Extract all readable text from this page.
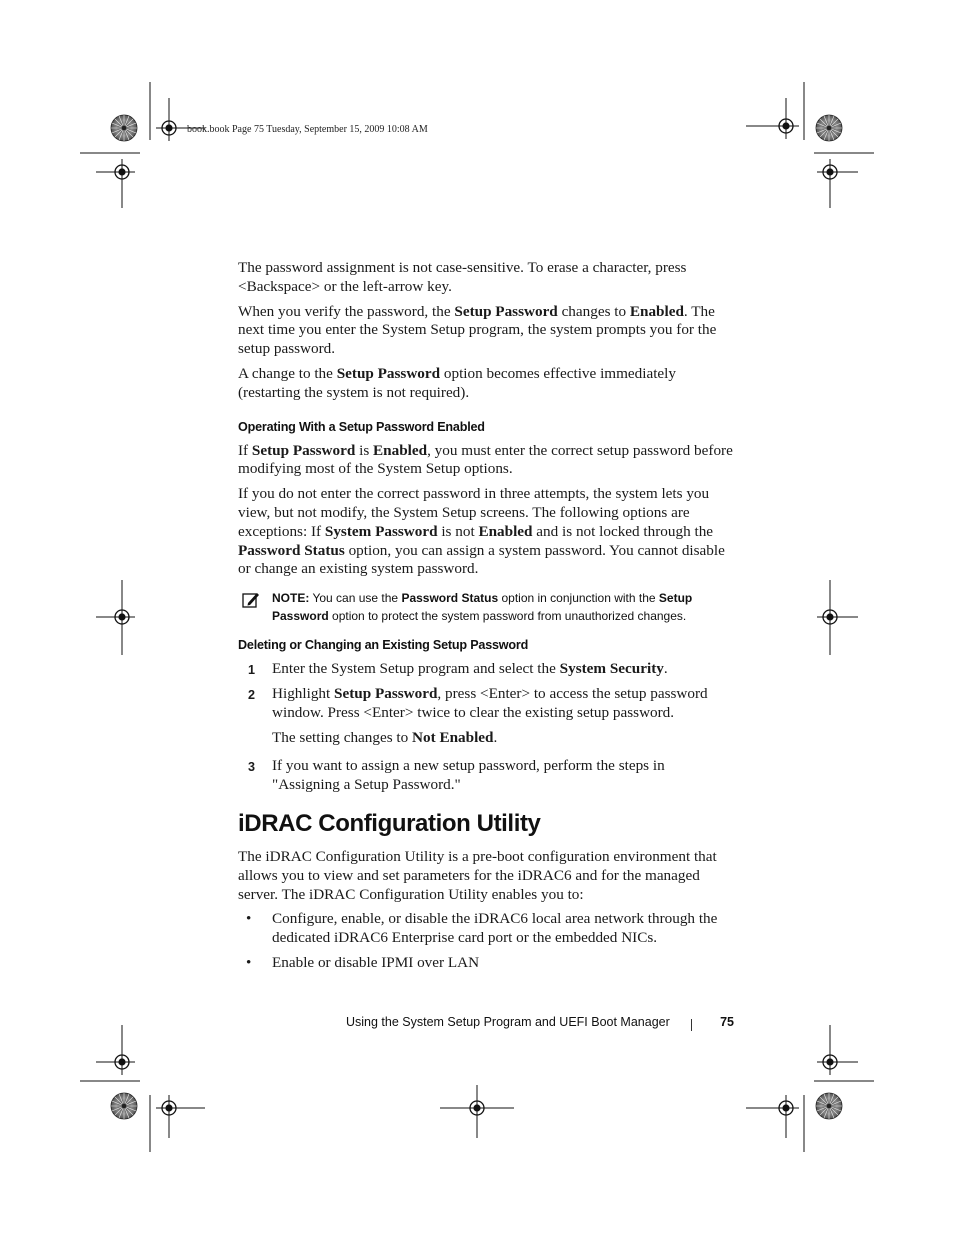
book.book Page 75 Tuesday, September 15, 2009 10:08 AM

The password assignment is not case-sensitive. To erase a character, press <Backspace> or the left-arrow key.

When you verify the password, the Setup Password changes to Enabled. The next time you enter the System Setup program, the system prompts you for the setup password.

A change to the Setup Password option becomes effective immediately (restarting the system is not required).

Operating With a Setup Password Enabled

If Setup Password is Enabled, you must enter the correct setup password before modifying most of the System Setup options.

If you do not enter the correct password in three attempts, the system lets you view, but not modify, the System Setup screens. The following options are exceptions: If System Password is not Enabled and is not locked through the Password Status option, you can assign a system password. You cannot disable or change an existing system password.

NOTE: You can use the Password Status option in conjunction with the Setup Password option to protect the system password from unauthorized changes.
Deleting or Changing an Existing Setup Password
1 Enter the System Setup program and select the System Security.
2 Highlight Setup Password, press <Enter> to access the setup password window. Press <Enter> twice to clear the existing setup password.
The setting changes to Not Enabled.
3 If you want to assign a new setup password, perform the steps in "Assigning a Setup Password."
iDRAC Configuration Utility

The iDRAC Configuration Utility is a pre-boot configuration environment that allows you to view and set parameters for the iDRAC6 and for the managed server. The iDRAC Configuration Utility enables you to:

• Configure, enable, or disable the iDRAC6 local area network through the dedicated iDRAC6 Enterprise card port or the embedded NICs.
• Enable or disable IPMI over LAN
Using the System Setup Program and UEFI Boot Manager	75
